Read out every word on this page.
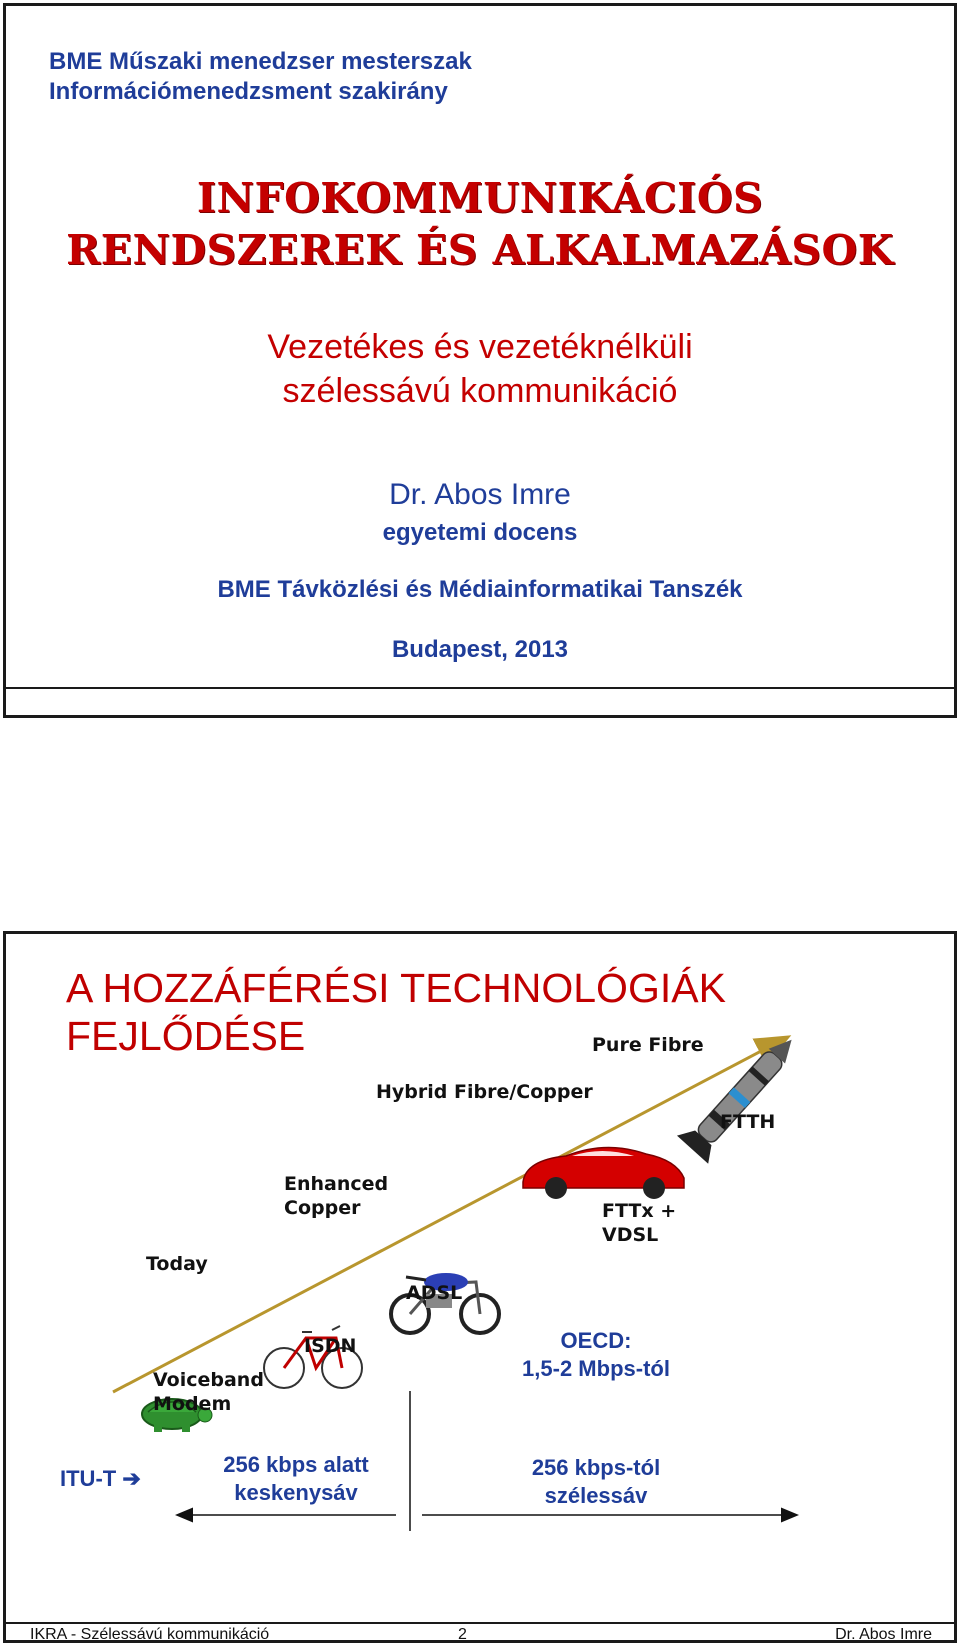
BME Műszaki menedzser mesterszak
Információmenedzsment szakirány
INFOKOMMUNIKÁCIÓS
RENDSZEREK ÉS ALKALMAZÁSOK
Vezetékes és vezetéknélküli
szélessávú kommunikáció
Dr. Abos Imre
egyetemi docens
BME Távközlési és Médiainformatikai Tanszék
Budapest, 2013
A HOZZÁFÉRÉSI TECHNOLÓGIÁK
FEJLŐDÉSE	Pure Fibre
Hybrid Fibre/Copper
FTTH
Enhanced
Copper	FTTx +
VDSL
Today
ADSL
ISDN
Voiceband
Modem
OECD:
1,5-2 Mbps-tól
ITU-T ➔
256 kbps alatt
keskenysáv
256 kbps-tól
szélessáv
IKRA - Szélessávú kommunikáció	2	Dr. Abos Imre
